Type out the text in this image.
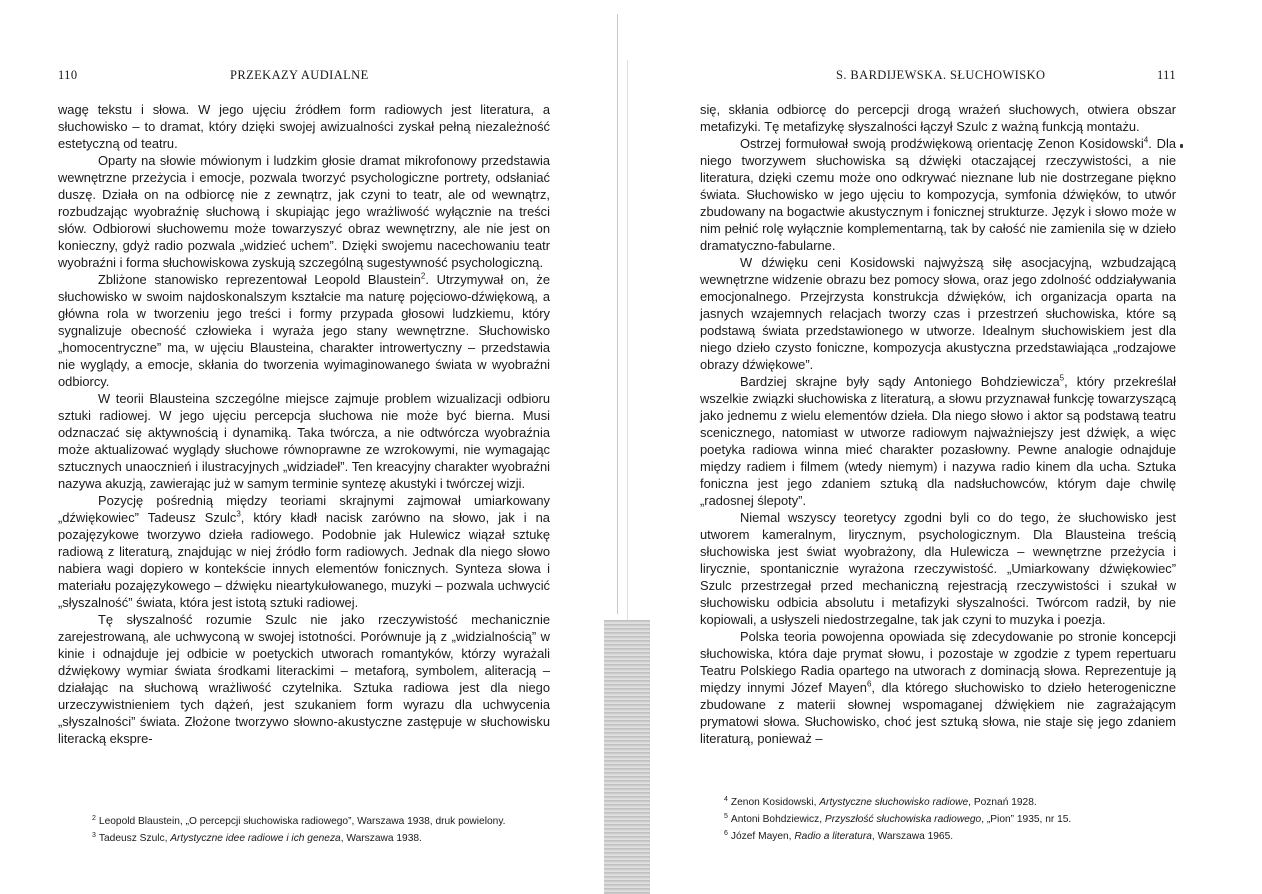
110	PRZEKAZY AUDIALNE

wagę tekstu i słowa. W jego ujęciu źródłem form radiowych jest literatura, a słuchowisko – to dramat, który dzięki swojej awizualności zyskał pełną niezależność estetyczną od teatru.

Oparty na słowie mówionym i ludzkim głosie dramat mikrofonowy przedstawia wewnętrzne przeżycia i emocje, pozwala tworzyć psychologiczne portrety, odsłaniać duszę. Działa on na odbiorcę nie z zewnątrz, jak czyni to teatr, ale od wewnątrz, rozbudzając wyobraźnię słuchową i skupiając jego wrażliwość wyłącznie na treści słów. Odbiorowi słuchowemu może towarzyszyć obraz wewnętrzny, ale nie jest on konieczny, gdyż radio pozwala „widzieć uchem”. Dzięki swojemu nacechowaniu teatr wyobraźni i forma słuchowiskowa zyskują szczególną sugestywność psychologiczną.

Zbliżone stanowisko reprezentował Leopold Blaustein$^2$. Utrzymywał on, że słuchowisko w swoim najdoskonalszym kształcie ma naturę pojęciowo-dźwiękową, a główna rola w tworzeniu jego treści i formy przypada głosowi ludzkiemu, który sygnalizuje obecność człowieka i wyraża jego stany wewnętrzne. Słuchowisko „homocentryczne” ma, w ujęciu Blausteina, charakter introwertyczny – przedstawia nie wyglądy, a emocje, skłania do tworzenia wyimaginowanego świata w wyobraźni odbiorcy.

W teorii Blausteina szczególne miejsce zajmuje problem wizualizacji odbioru sztuki radiowej. W jego ujęciu percepcja słuchowa nie może być bierna. Musi odznaczać się aktywnością i dynamiką. Taka twórcza, a nie odtwórcza wyobraźnia może aktualizować wyglądy słuchowe równoprawne ze wzrokowymi, nie wymagając sztucznych unaocznień i ilustracyjnych „widziadeł”. Ten kreacyjny charakter wyobraźni nazywa akuzją, zawierając już w samym terminie syntezę akustyki i twórczej wizji.

Pozycję pośrednią między teoriami skrajnymi zajmował umiarkowany „dźwiękowiec” Tadeusz Szulc$^3$, który kładł nacisk zarówno na słowo, jak i na pozajęzykowe tworzywo dzieła radiowego. Podobnie jak Hulewicz wiązał sztukę radiową z literaturą, znajdując w niej źródło form radiowych. Jednak dla niego słowo nabiera wagi dopiero w kontekście innych elementów fonicznych. Synteza słowa i materiału pozajęzykowego – dźwięku nieartykułowanego, muzyki – pozwala uchwycić „słyszalność” świata, która jest istotą sztuki radiowej.

Tę słyszalność rozumie Szulc nie jako rzeczywistość mechanicznie zarejestrowaną, ale uchwyconą w swojej istotności. Porównuje ją z „widzialnością” w kinie i odnajduje jej odbicie w poetyckich utworach romantyków, którzy wyrażali dźwiękowy wymiar świata środkami literackimi – metaforą, symbolem, aliteracją – działając na słuchową wrażliwość czytelnika. Sztuka radiowa jest dla niego urzeczywistnieniem tych dążeń, jest szukaniem form wyrazu dla uchwycenia „słyszalności” świata. Złożone tworzywo słowno-akustyczne zastępuje w słuchowisku literacką ekspre-

$^2$ Leopold Blaustein, „O percepcji słuchowiska radiowego”, Warszawa 1938, druk powielony.
$^3$ Tadeusz Szulc, Artystyczne idee radiowe i ich geneza, Warszawa 1938.
S. BARDIJEWSKA. SŁUCHOWISKO	111

się, skłania odbiorcę do percepcji drogą wrażeń słuchowych, otwiera obszar metafizyki. Tę metafizykę słyszalności łączył Szulc z ważną funkcją montażu.

Ostrzej formułował swoją prodźwiękową orientację Zenon Kosidowski$^4$. Dla niego tworzywem słuchowiska są dźwięki otaczającej rzeczywistości, a nie literatura, dzięki czemu może ono odkrywać nieznane lub nie dostrzegane piękno świata. Słuchowisko w jego ujęciu to kompozycja, symfonia dźwięków, to utwór zbudowany na bogactwie akustycznym i fonicznej strukturze. Język i słowo może w nim pełnić rolę wyłącznie komplementarną, tak by całość nie zamienila się w dzieło dramatyczno-fabularne.

W dźwięku ceni Kosidowski najwyższą siłę asocjacyjną, wzbudzającą wewnętrzne widzenie obrazu bez pomocy słowa, oraz jego zdolność oddziaływania emocjonalnego. Przejrzysta konstrukcja dźwięków, ich organizacja oparta na jasnych wzajemnych relacjach tworzy czas i przestrzeń słuchowiska, które są podstawą świata przedstawionego w utworze. Idealnym słuchowiskiem jest dla niego dzieło czysto foniczne, kompozycja akustyczna przedstawiająca „rodzajowe obrazy dźwiękowe”.

Bardziej skrajne były sądy Antoniego Bohdziewicza$^5$, który przekreślał wszelkie związki słuchowiska z literaturą, a słowu przyznawał funkcję towarzyszącą jako jednemu z wielu elementów dzieła. Dla niego słowo i aktor są podstawą teatru scenicznego, natomiast w utworze radiowym najważniejszy jest dźwięk, a więc poetyka radiowa winna mieć charakter pozasłowny. Pewne analogie odnajduje między radiem i filmem (wtedy niemym) i nazywa radio kinem dla ucha. Sztuka foniczna jest jego zdaniem sztuką dla nadsłuchowców, którym daje chwilę „radosnej ślepoty”.

Niemal wszyscy teoretycy zgodni byli co do tego, że słuchowisko jest utworem kameralnym, lirycznym, psychologicznym. Dla Blausteina treścią słuchowiska jest świat wyobrażony, dla Hulewicza – wewnętrzne przeżycia i lirycznie, spontanicznie wyrażona rzeczywistość. „Umiarkowany dźwiękowiec” Szulc przestrzegał przed mechaniczną rejestracją rzeczywistości i szukał w słuchowisku odbicia absolutu i metafizyki słyszalności. Twórcom radził, by nie kopiowali, a usłyszeli niedostrzegalne, tak jak czyni to muzyka i poezja.

Polska teoria powojenna opowiada się zdecydowanie po stronie koncepcji słuchowiska, która daje prymat słowu, i pozostaje w zgodzie z typem repertuaru Teatru Polskiego Radia opartego na utworach z dominacją słowa. Reprezentuje ją między innymi Józef Mayen$^6$, dla którego słuchowisko to dzieło heterogeniczne zbudowane z materii słownej wspomaganej dźwiękiem nie zagrażającym prymatowi słowa. Słuchowisko, choć jest sztuką słowa, nie staje się jego zdaniem literaturą, ponieważ –

$^4$ Zenon Kosidowski, Artystyczne słuchowisko radiowe, Poznań 1928.
$^5$ Antoni Bohdziewicz, Przyszłość słuchowiska radiowego, „Pion” 1935, nr 15.
$^6$ Józef Mayen, Radio a literatura, Warszawa 1965.
